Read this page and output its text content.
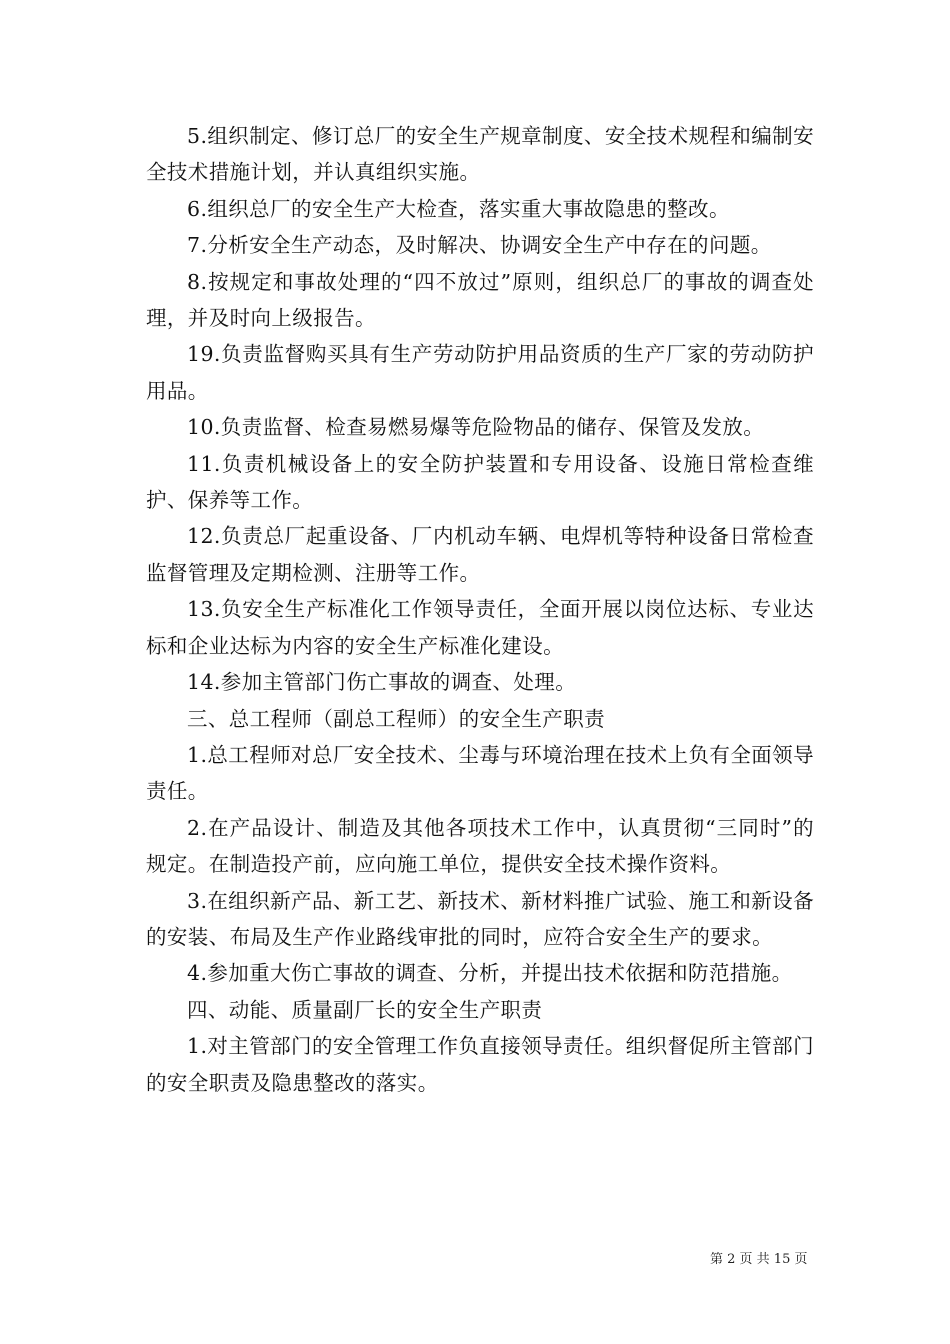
5.组织制定、修订总厂的安全生产规章制度、安全技术规程和编制安全技术措施计划，并认真组织实施。

6.组织总厂的安全生产大检查，落实重大事故隐患的整改。

7.分析安全生产动态，及时解决、协调安全生产中存在的问题。

8.按规定和事故处理的“四不放过”原则，组织总厂的事故的调查处理，并及时向上级报告。

19.负责监督购买具有生产劳动防护用品资质的生产厂家的劳动防护用品。

10.负责监督、检查易燃易爆等危险物品的储存、保管及发放。

11.负责机械设备上的安全防护装置和专用设备、设施日常检查维护、保养等工作。

12.负责总厂起重设备、厂内机动车辆、电焊机等特种设备日常检查监督管理及定期检测、注册等工作。

13.负安全生产标准化工作领导责任，全面开展以岗位达标、专业达标和企业达标为内容的安全生产标准化建设。

14.参加主管部门伤亡事故的调查、处理。

三、总工程师（副总工程师）的安全生产职责

1.总工程师对总厂安全技术、尘毒与环境治理在技术上负有全面领导责任。

2.在产品设计、制造及其他各项技术工作中，认真贯彻“三同时”的规定。在制造投产前，应向施工单位，提供安全技术操作资料。

3.在组织新产品、新工艺、新技术、新材料推广试验、施工和新设备的安装、布局及生产作业路线审批的同时，应符合安全生产的要求。

4.参加重大伤亡事故的调查、分析，并提出技术依据和防范措施。

四、动能、质量副厂长的安全生产职责

1.对主管部门的安全管理工作负直接领导责任。组织督促所主管部门的安全职责及隐患整改的落实。

第 2 页 共 15 页
